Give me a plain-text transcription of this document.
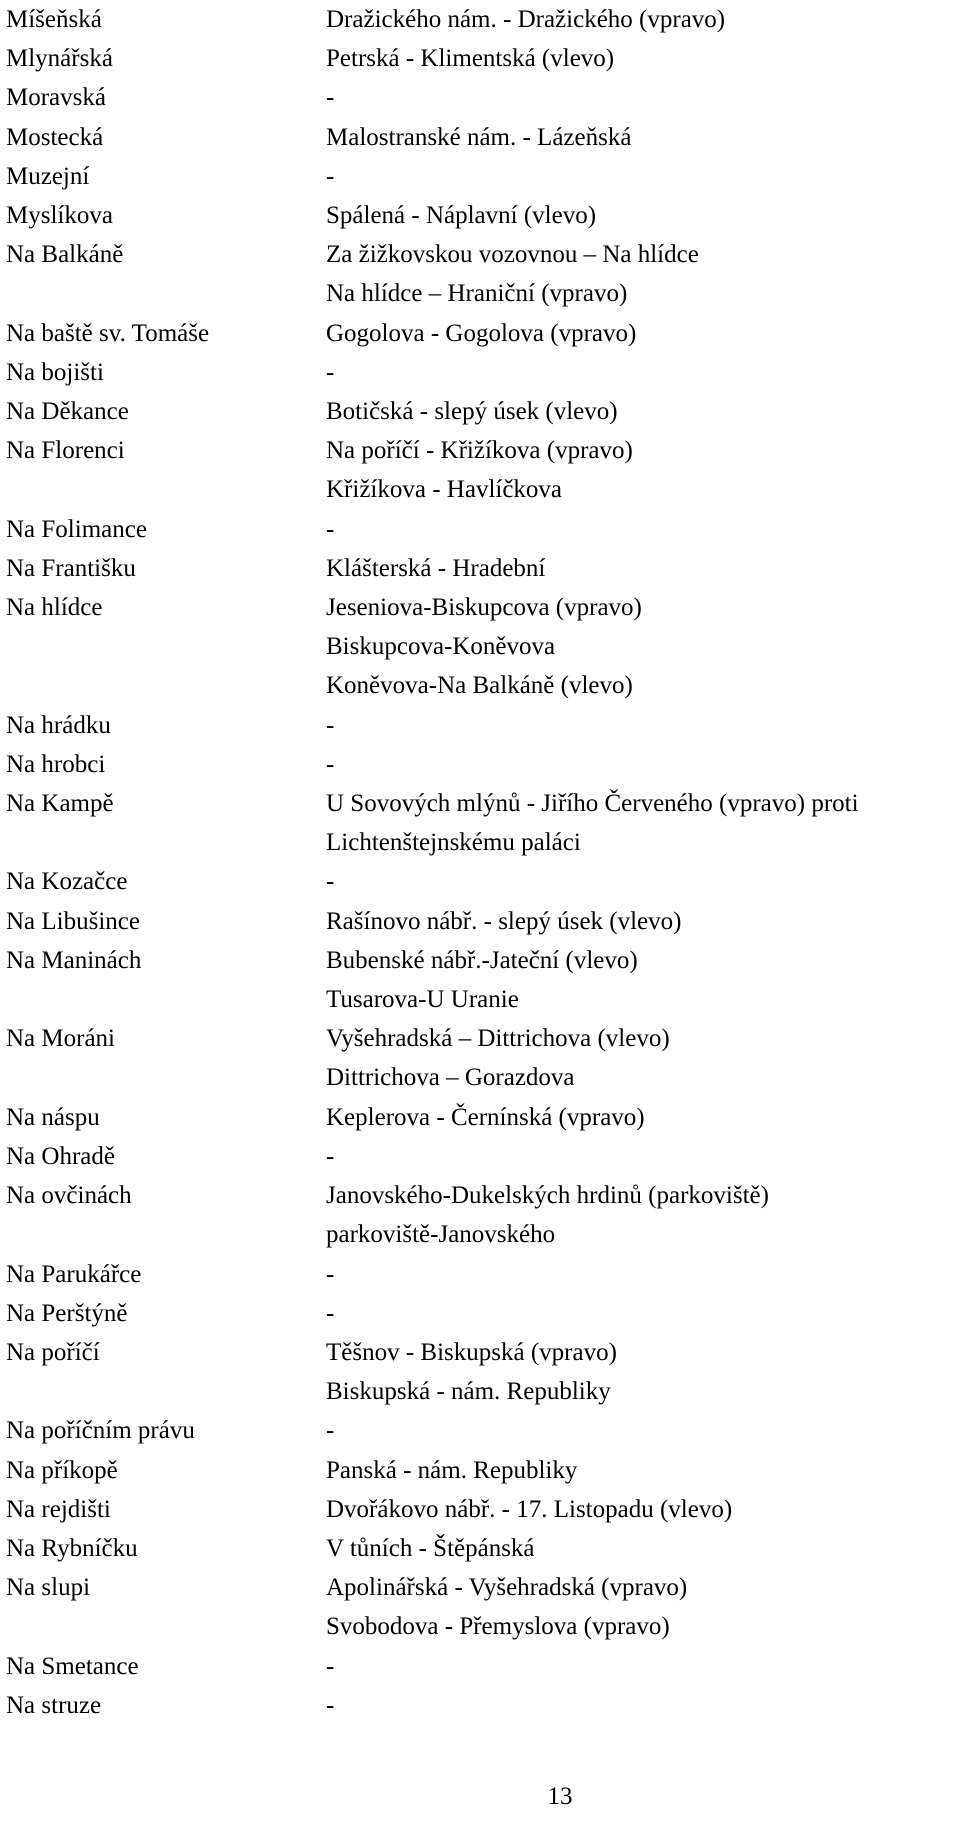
Míšeňská	Dražického nám. - Dražického (vpravo)
Mlynářská	Petrská - Klimentská (vlevo)
Moravská	-
Mostecká	Malostranské nám. - Lázeňská
Muzejní	-
Myslíkova	Spálená - Náplavní (vlevo)
Na Balkáně	Za žižkovskou vozovnou – Na hlídce
Na hlídce – Hraniční (vpravo)
Na baště sv. Tomáše	Gogolova - Gogolova (vpravo)
Na bojišti	-
Na Děkance	Botičská - slepý úsek (vlevo)
Na Florenci	Na poříčí - Křižíkova (vpravo)
Křižíkova - Havlíčkova
Na Folimance	-
Na Františku	Klášterská - Hradební
Na hlídce	Jeseniova-Biskupcova (vpravo)
Biskupcova-Koněvova
Koněvova-Na Balkáně (vlevo)
Na hrádku	-
Na hrobci	-
Na Kampě	U Sovových mlýnů - Jiřího Červeného (vpravo) proti
Lichtenštejnskému paláci
Na Kozačce	-
Na Libušince	Rašínovo nábř. - slepý úsek (vlevo)
Na Maninách	Bubenské nábř.-Jateční (vlevo)
Tusarova-U Uranie
Na Moráni	Vyšehradská – Dittrichova (vlevo)
Dittrichova – Gorazdova
Na náspu	Keplerova - Černínská (vpravo)
Na Ohradě	-
Na ovčinách	Janovského-Dukelských hrdinů (parkoviště)
parkoviště-Janovského
Na Parukářce	-
Na Perštýně	-
Na poříčí	Těšnov - Biskupská (vpravo)
Biskupská - nám. Republiky
Na poříčním právu	-
Na příkopě	Panská - nám. Republiky
Na rejdišti	Dvořákovo nábř. - 17. Listopadu (vlevo)
Na Rybníčku	V tůních - Štěpánská
Na slupi	Apolinářská - Vyšehradská (vpravo)
Svobodova - Přemyslova (vpravo)
Na Smetance	-
Na struze	-
13
